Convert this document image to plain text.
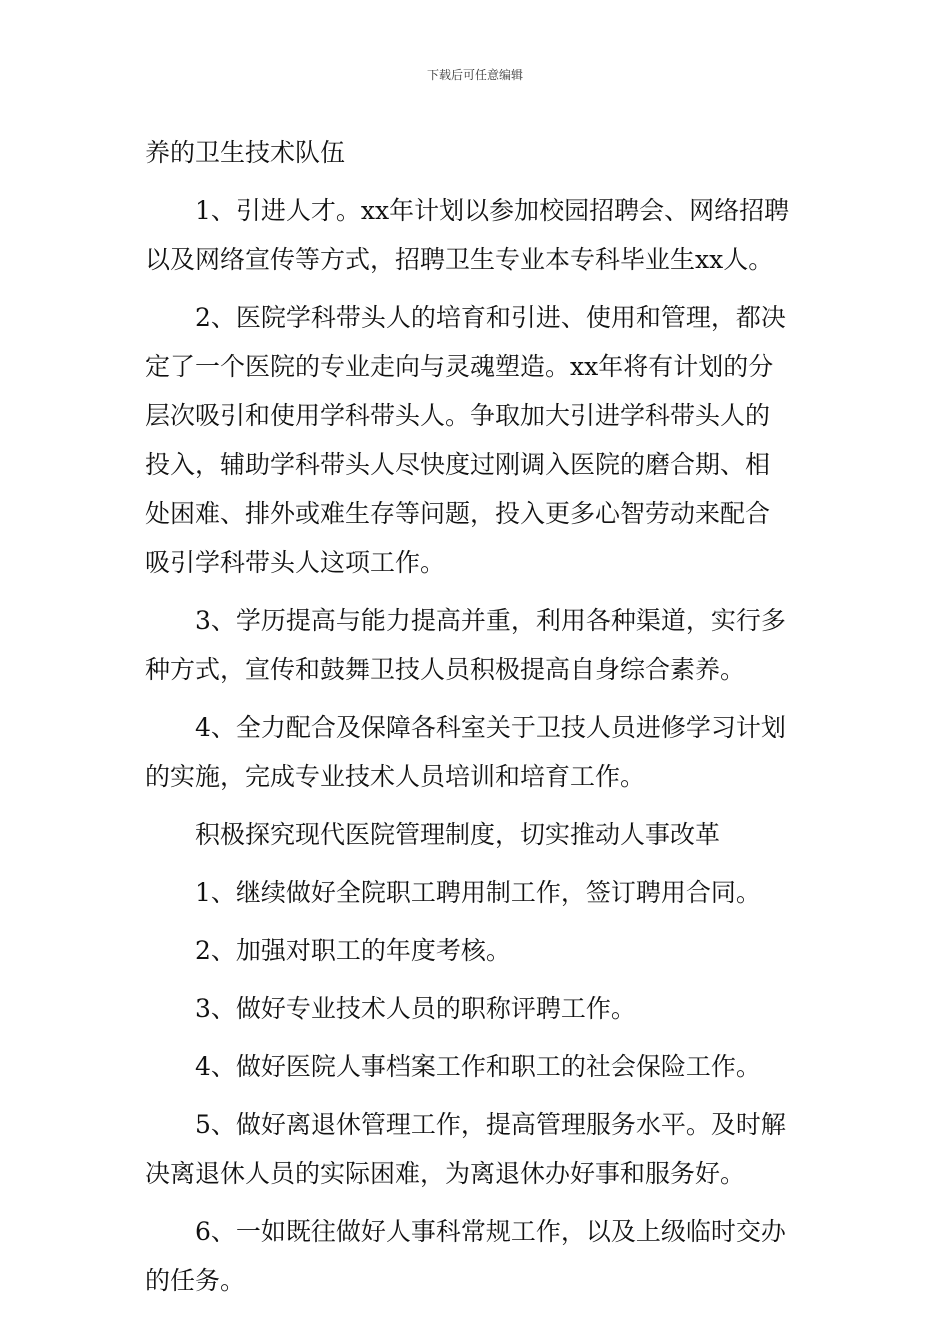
下载后可任意编辑
养的卫生技术队伍
1、引进人才。xx年计划以参加校园招聘会、网络招聘
以及网络宣传等方式，招聘卫生专业本专科毕业生xx人。
2、医院学科带头人的培育和引进、使用和管理，都决
定了一个医院的专业走向与灵魂塑造。xx年将有计划的分
层次吸引和使用学科带头人。争取加大引进学科带头人的
投入，辅助学科带头人尽快度过刚调入医院的磨合期、相
处困难、排外或难生存等问题，投入更多心智劳动来配合
吸引学科带头人这项工作。
3、学历提高与能力提高并重，利用各种渠道，实行多
种方式，宣传和鼓舞卫技人员积极提高自身综合素养。
4、全力配合及保障各科室关于卫技人员进修学习计划
的实施，完成专业技术人员培训和培育工作。
积极探究现代医院管理制度，切实推动人事改革
1、继续做好全院职工聘用制工作，签订聘用合同。
2、加强对职工的年度考核。
3、做好专业技术人员的职称评聘工作。
4、做好医院人事档案工作和职工的社会保险工作。
5、做好离退休管理工作，提高管理服务水平。及时解
决离退休人员的实际困难，为离退休办好事和服务好。
6、一如既往做好人事科常规工作，以及上级临时交办
的任务。
